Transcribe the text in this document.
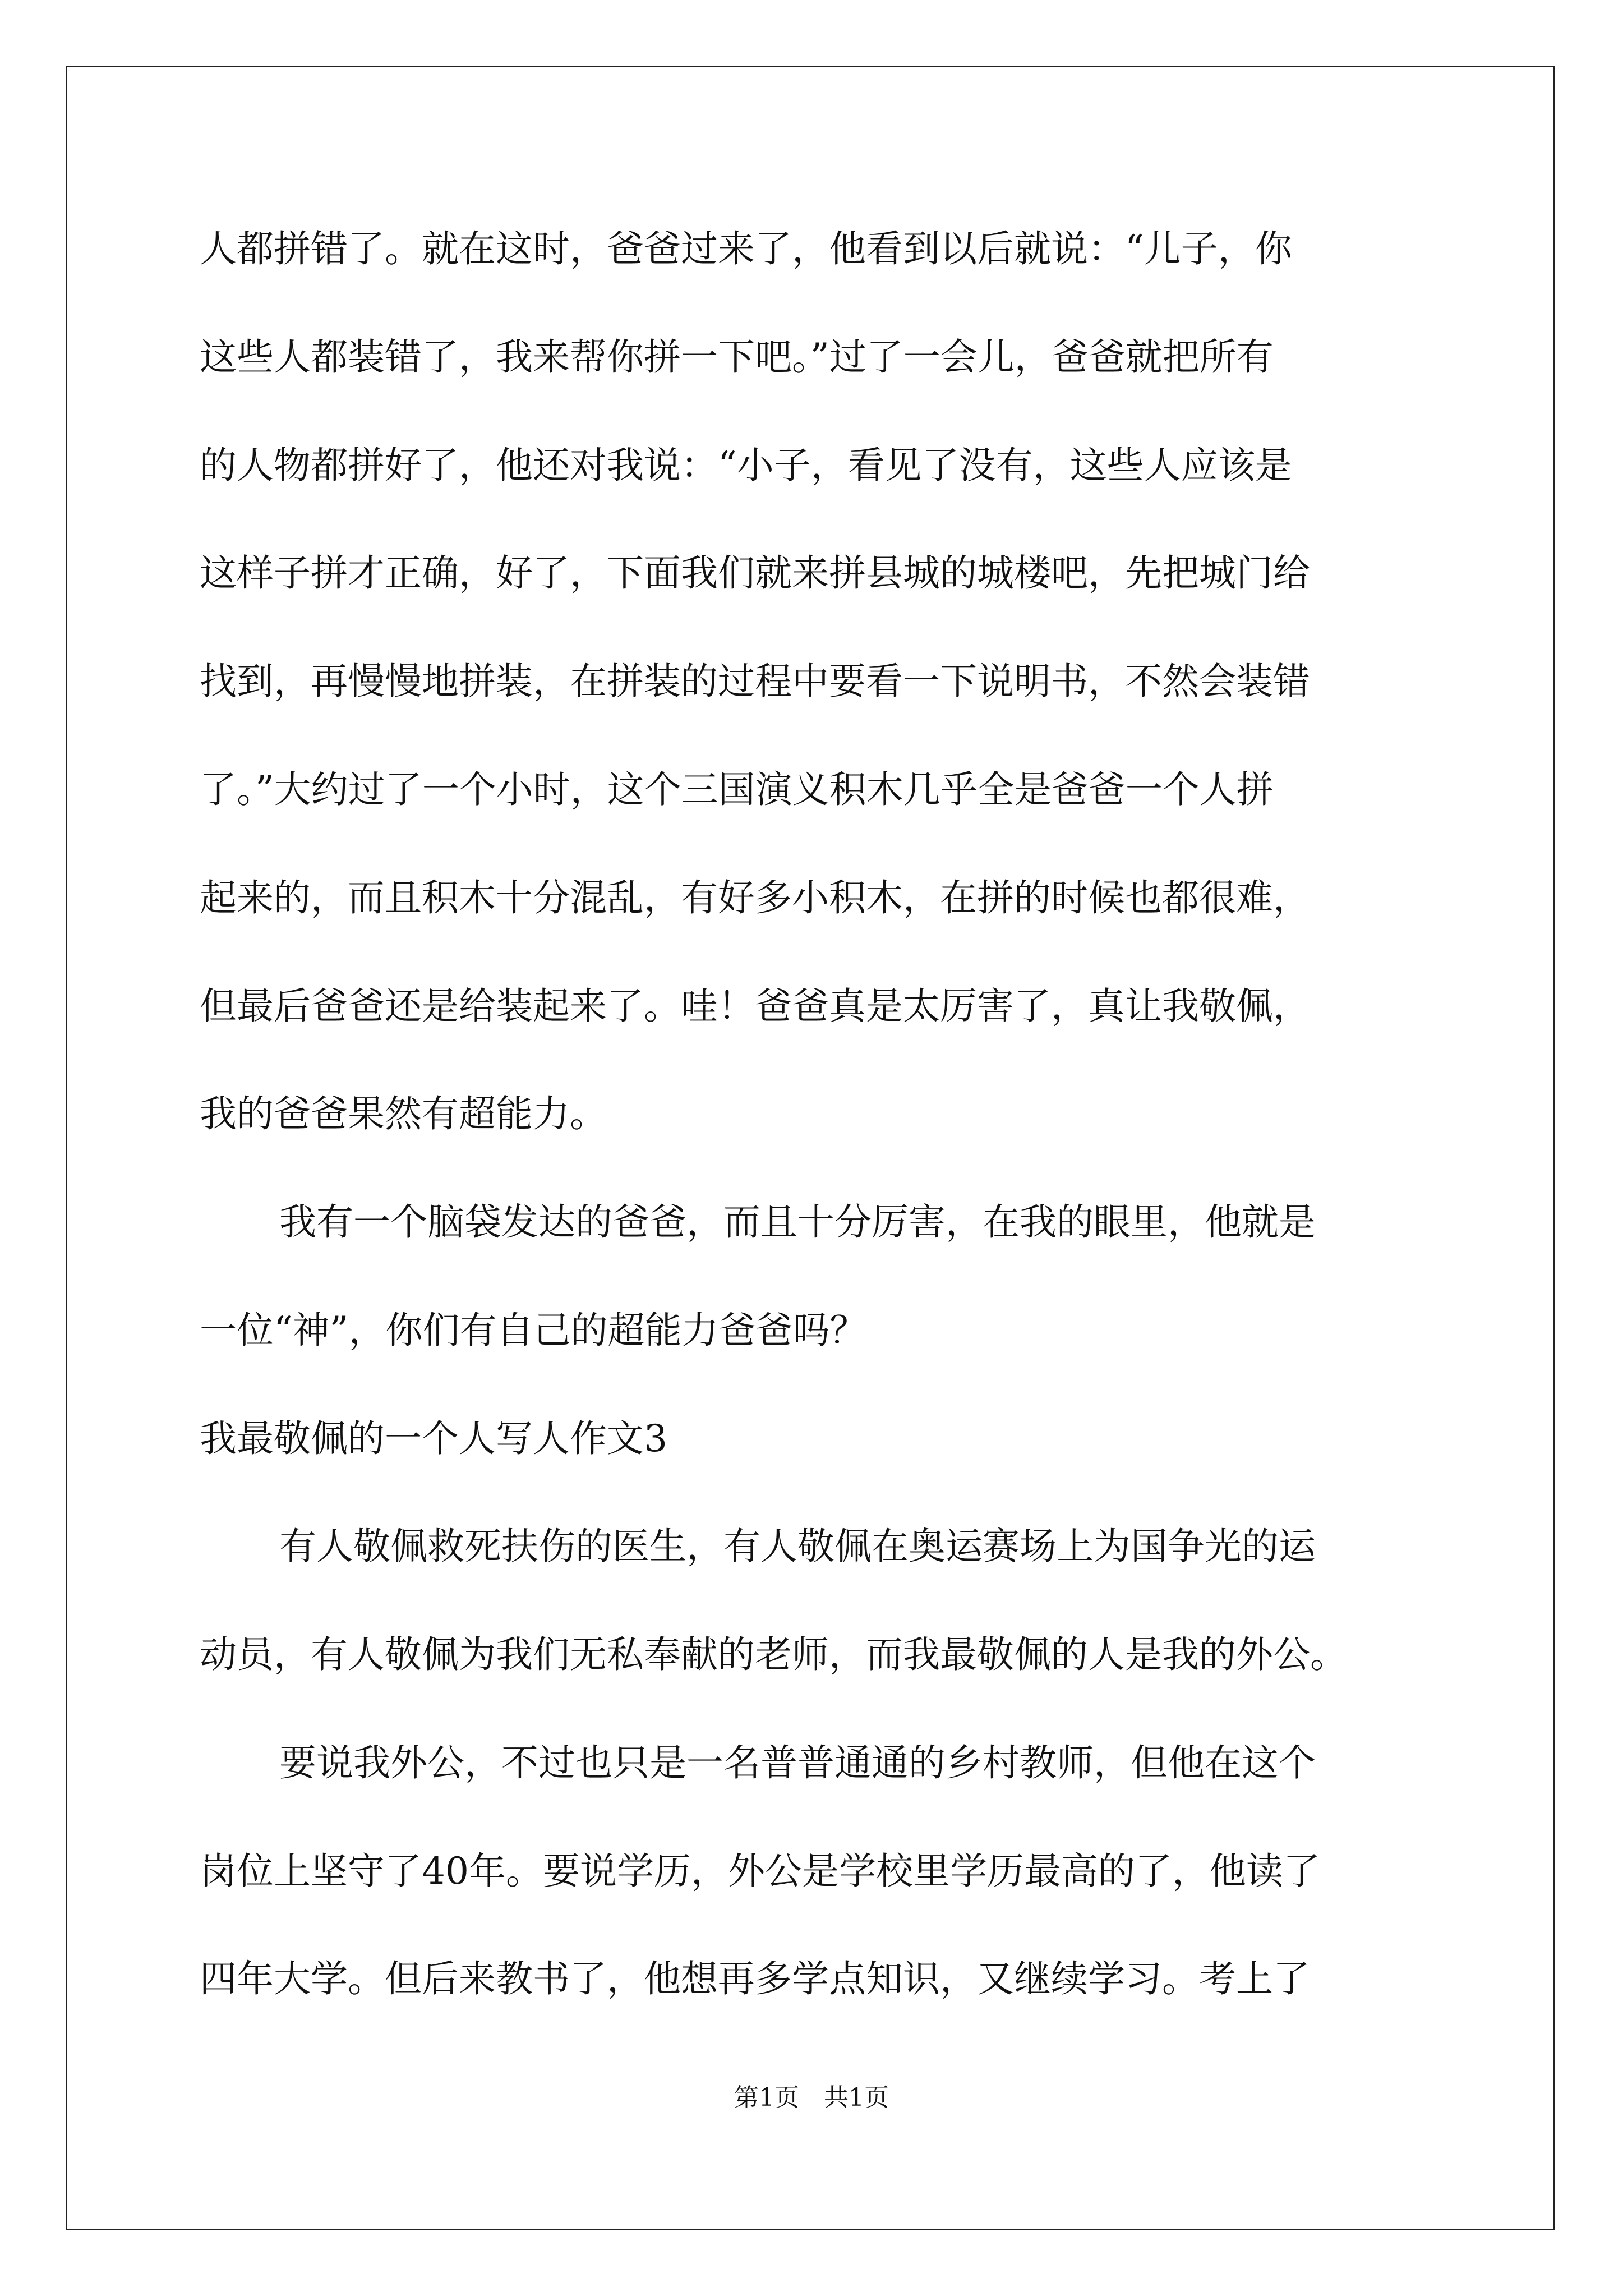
人都拼错了。就在这时，爸爸过来了，他看到以后就说：“儿子，你

这些人都装错了，我来帮你拼一下吧。”过了一会儿，爸爸就把所有

的人物都拼好了，他还对我说：“小子，看见了没有，这些人应该是

这样子拼才正确，好了，下面我们就来拼县城的城楼吧，先把城门给

找到，再慢慢地拼装，在拼装的过程中要看一下说明书，不然会装错

了。”大约过了一个小时，这个三国演义积木几乎全是爸爸一个人拼

起来的，而且积木十分混乱，有好多小积木，在拼的时候也都很难，

但最后爸爸还是给装起来了。哇！爸爸真是太厉害了，真让我敬佩，

我的爸爸果然有超能力。

我有一个脑袋发达的爸爸，而且十分厉害，在我的眼里，他就是

一位“神”，你们有自己的超能力爸爸吗？

我最敬佩的一个人写人作文3

有人敬佩救死扶伤的医生，有人敬佩在奥运赛场上为国争光的运

动员，有人敬佩为我们无私奉献的老师，而我最敬佩的人是我的外公。

要说我外公，不过也只是一名普普通通的乡村教师，但他在这个

岗位上坚守了40年。要说学历，外公是学校里学历最高的了，他读了

四年大学。但后来教书了，他想再多学点知识，又继续学习。考上了

第1页　共1页
